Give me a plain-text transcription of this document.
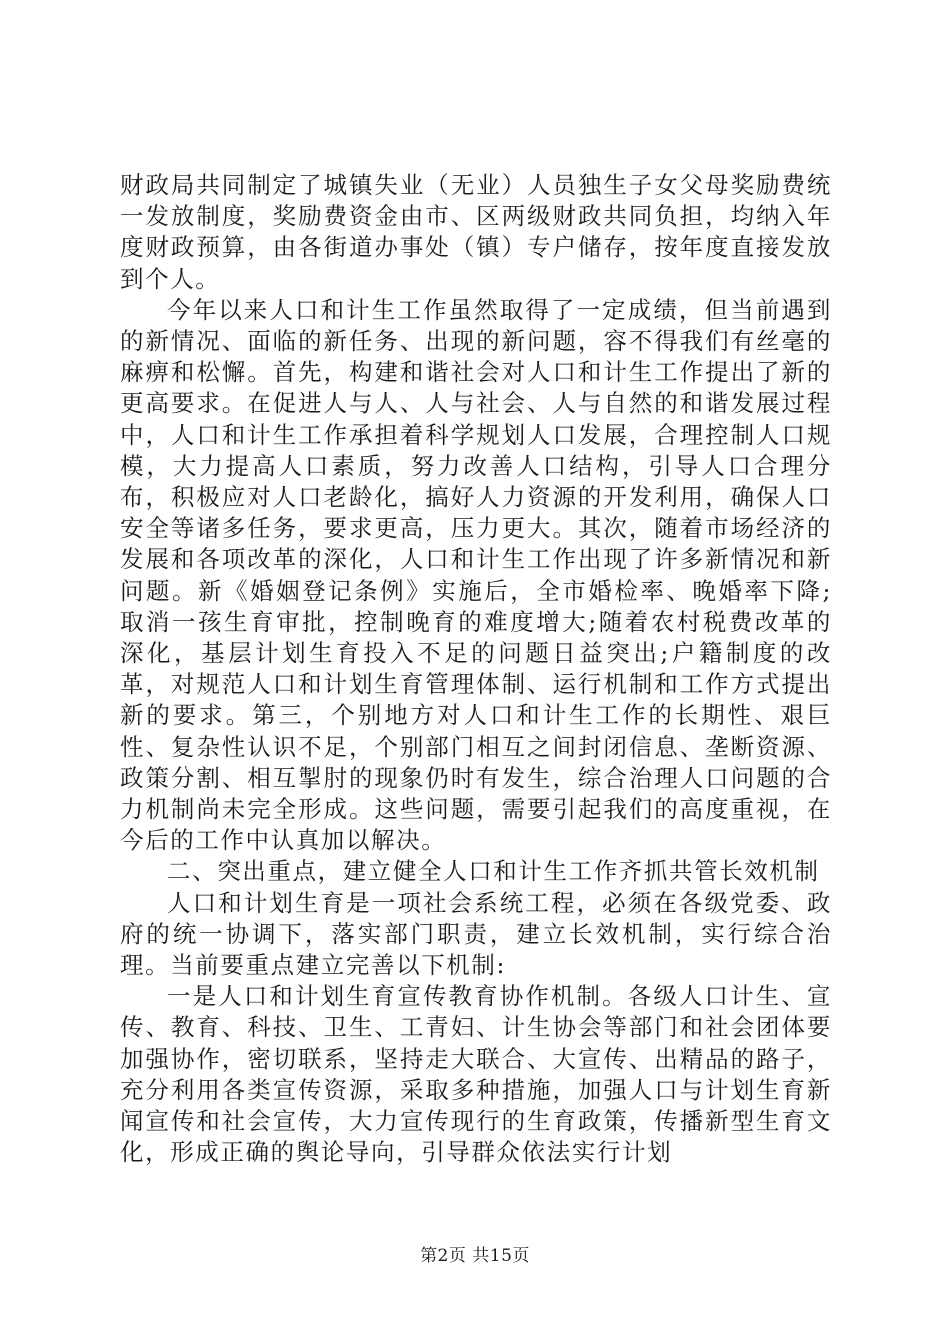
财政局共同制定了城镇失业（无业）人员独生子女父母奖励费统一发放制度，奖励费资金由市、区两级财政共同负担，均纳入年度财政预算，由各街道办事处（镇）专户储存，按年度直接发放到个人。

今年以来人口和计生工作虽然取得了一定成绩，但当前遇到的新情况、面临的新任务、出现的新问题，容不得我们有丝毫的麻痹和松懈。首先，构建和谐社会对人口和计生工作提出了新的更高要求。在促进人与人、人与社会、人与自然的和谐发展过程中，人口和计生工作承担着科学规划人口发展，合理控制人口规模，大力提高人口素质，努力改善人口结构，引导人口合理分布，积极应对人口老龄化，搞好人力资源的开发利用，确保人口安全等诸多任务，要求更高，压力更大。其次，随着市场经济的发展和各项改革的深化，人口和计生工作出现了许多新情况和新问题。新《婚姻登记条例》实施后，全市婚检率、晚婚率下降;取消一孩生育审批，控制晚育的难度增大;随着农村税费改革的深化，基层计划生育投入不足的问题日益突出;户籍制度的改革，对规范人口和计划生育管理体制、运行机制和工作方式提出新的要求。第三，个别地方对人口和计生工作的长期性、艰巨性、复杂性认识不足，个别部门相互之间封闭信息、垄断资源、政策分割、相互掣肘的现象仍时有发生，综合治理人口问题的合力机制尚未完全形成。这些问题，需要引起我们的高度重视，在今后的工作中认真加以解决。

二、突出重点，建立健全人口和计生工作齐抓共管长效机制

人口和计划生育是一项社会系统工程，必须在各级党委、政府的统一协调下，落实部门职责，建立长效机制，实行综合治理。当前要重点建立完善以下机制:

一是人口和计划生育宣传教育协作机制。各级人口计生、宣传、教育、科技、卫生、工青妇、计生协会等部门和社会团体要加强协作，密切联系，坚持走大联合、大宣传、出精品的路子，充分利用各类宣传资源，采取多种措施，加强人口与计划生育新闻宣传和社会宣传，大力宣传现行的生育政策，传播新型生育文化，形成正确的舆论导向，引导群众依法实行计划

第2页 共15页
